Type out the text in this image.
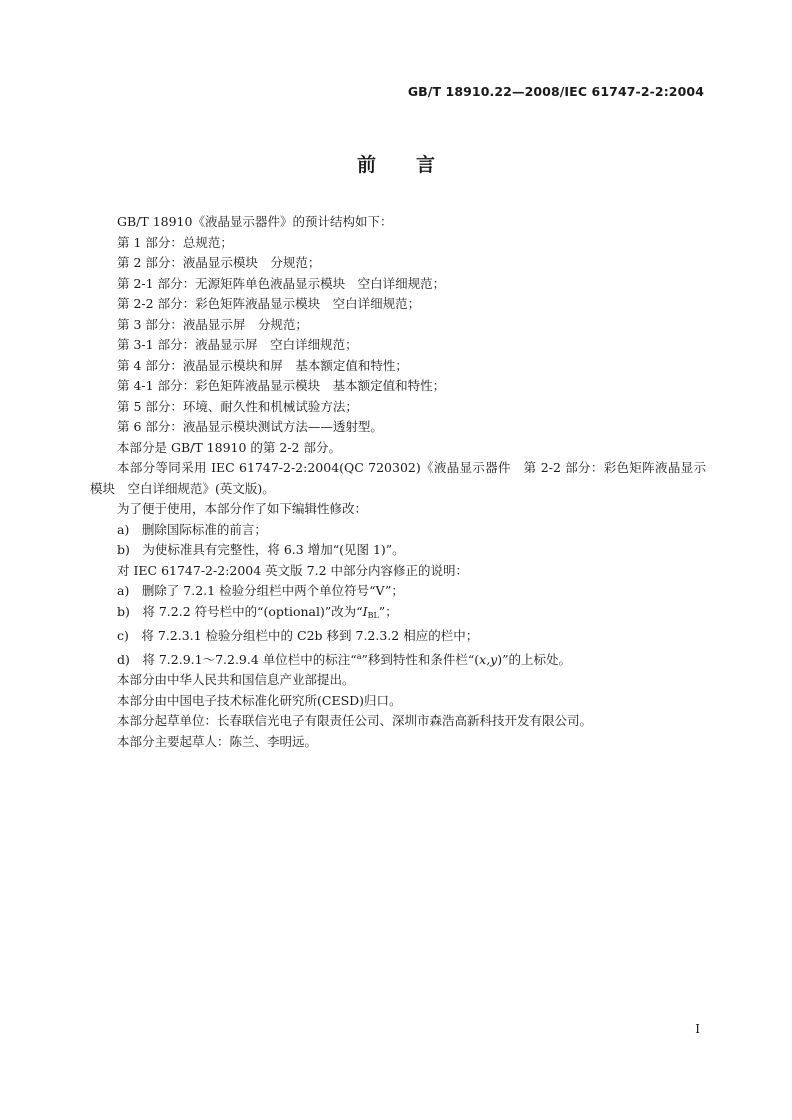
GB/T 18910.22—2008/IEC 61747-2-2:2004
前 言

GB/T 18910《液晶显示器件》的预计结构如下：

第 1 部分：总规范；

第 2 部分：液晶显示模块　分规范；

第 2-1 部分：无源矩阵单色液晶显示模块　空白详细规范；

第 2-2 部分：彩色矩阵液晶显示模块　空白详细规范；

第 3 部分：液晶显示屏　分规范；

第 3-1 部分：液晶显示屏　空白详细规范；

第 4 部分：液晶显示模块和屏　基本额定值和特性；

第 4-1 部分：彩色矩阵液晶显示模块　基本额定值和特性；

第 5 部分：环境、耐久性和机械试验方法；

第 6 部分：液晶显示模块测试方法——透射型。

本部分是 GB/T 18910 的第 2-2 部分。

本部分等同采用 IEC 61747-2-2:2004(QC 720302)《液晶显示器件　第 2-2 部分：彩色矩阵液晶显示模块　空白详细规范》(英文版)。

为了便于使用，本部分作了如下编辑性修改：

a)　删除国际标准的前言；

b)　为使标准具有完整性，将 6.3 增加“(见图 1)”。

对 IEC 61747-2-2:2004 英文版 7.2 中部分内容修正的说明：

a)　删除了 7.2.1 检验分组栏中两个单位符号“V”；

b)　将 7.2.2 符号栏中的“(optional)”改为“$I_{BL}$”；

c)　将 7.2.3.1 检验分组栏中的 C2b 移到 7.2.3.2 相应的栏中；

d)　将 7.2.9.1～7.2.9.4 单位栏中的标注“$^a$”移到特性和条件栏“(x,y)”的上标处。

本部分由中华人民共和国信息产业部提出。

本部分由中国电子技术标准化研究所(CESD)归口。

本部分起草单位：长春联信光电子有限责任公司、深圳市森浩高新科技开发有限公司。

本部分主要起草人：陈兰、李明远。

I
